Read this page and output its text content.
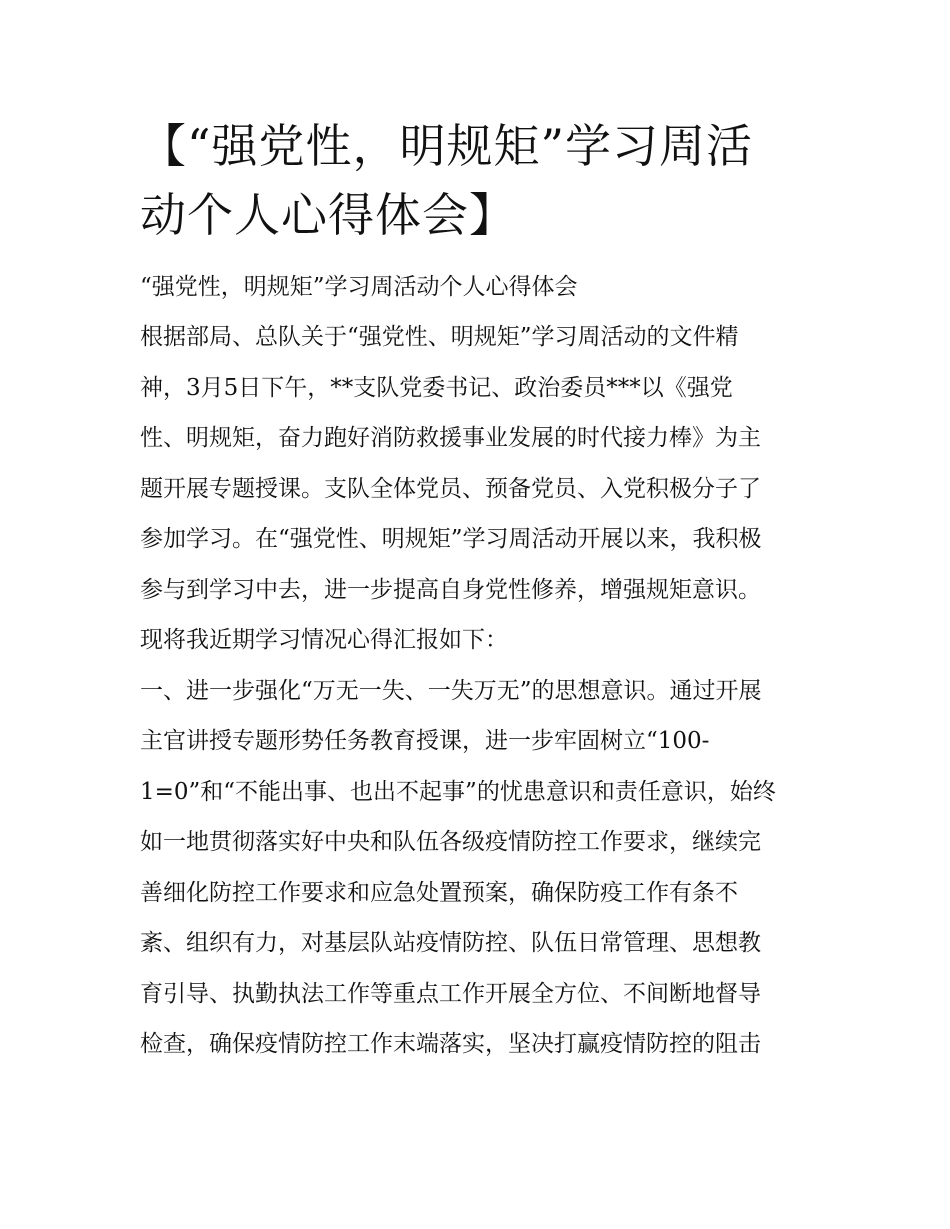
【“强党性，明规矩”学习周活
动个人心得体会】

“强党性，明规矩”学习周活动个人心得体会

根据部局、总队关于“强党性、明规矩”学习周活动的文件精

神，3月5日下午，**支队党委书记、政治委员***以《强党

性、明规矩，奋力跑好消防救援事业发展的时代接力棒》为主

题开展专题授课。支队全体党员、预备党员、入党积极分子了

参加学习。在“强党性、明规矩”学习周活动开展以来，我积极

参与到学习中去，进一步提高自身党性修养，增强规矩意识。

现将我近期学习情况心得汇报如下：

一、进一步强化“万无一失、一失万无”的思想意识。通过开展

主官讲授专题形势任务教育授课，进一步牢固树立“100-

1=0”和“不能出事、也出不起事”的忧患意识和责任意识，始终

如一地贯彻落实好中央和队伍各级疫情防控工作要求，继续完

善细化防控工作要求和应急处置预案，确保防疫工作有条不

紊、组织有力，对基层队站疫情防控、队伍日常管理、思想教

育引导、执勤执法工作等重点工作开展全方位、不间断地督导

检查，确保疫情防控工作末端落实，坚决打赢疫情防控的阻击
